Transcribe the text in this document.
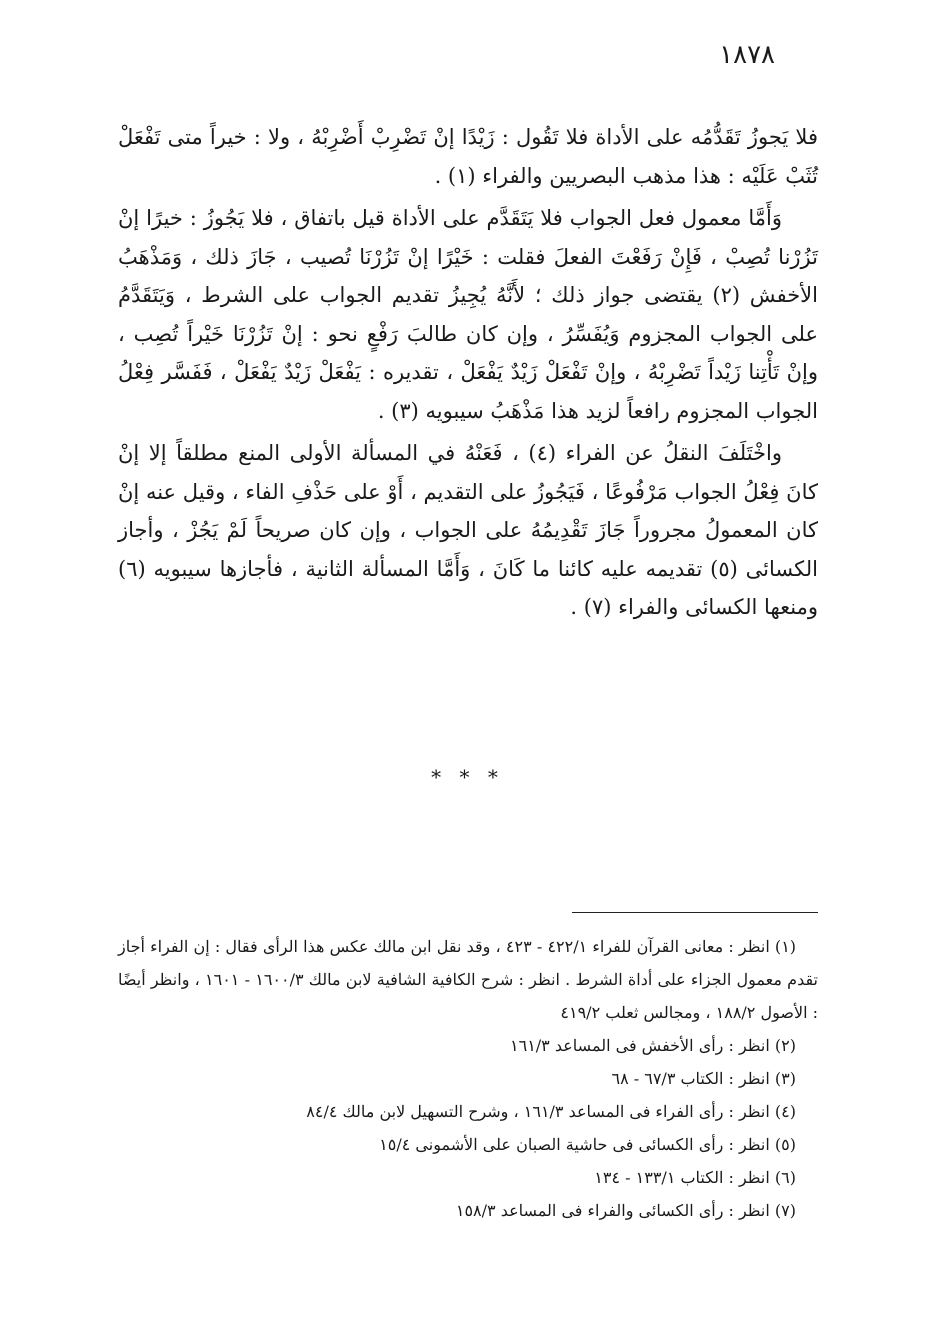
١٨٧٨

فلا يَجوزُ تَقَدُّمُه على الأداة فلا تَقُول : زَيْدًا إنْ تَضْرِبْ أَضْرِبْهُ ، ولا : خيراً متى تَفْعَلْ تُثَبْ عَلَيْه : هذا مذهب البصريين والفراء (١) .

وَأَمَّا معمول فعل الجواب فلا يَتَقَدَّم على الأداة قيل باتفاق ، فلا يَجُوزُ : خيرًا إنْ تَزُرْنا تُصِبْ ، فَإِنْ رَفَعْتَ الفعلَ فقلت : خَيْرًا إنْ تَزُرْنَا تُصيب ، جَازَ ذلك ، وَمَذْهَبُ الأخفش (٢) يقتضى جواز ذلك ؛ لأَنَّهُ يُجِيزُ تقديم الجواب على الشرط ، وَيَتَقَدَّمُ على الجواب المجزوم وَيُفَسِّرُ ، وإن كان طالبَ رَفْعٍ نحو : إنْ تَزُرْنَا خَيْراً تُصِب ، وإنْ تَأْتِنا زَيْداً تَضْرِبْهُ ، وإنْ تَفْعَلْ زَيْدٌ يَفْعَلْ ، تقديره : يَفْعَلْ زَيْدٌ يَفْعَلْ ، فَفَسَّر فِعْلُ الجواب المجزوم رافعاً لزيد هذا مَذْهَبُ سيبويه (٣) .

واخْتَلَفَ النقلُ عن الفراء (٤) ، فَعَنْهُ في المسألة الأولى المنع مطلقاً إلا إنْ كانَ فِعْلُ الجواب مَرْفُوعًا ، فَيَجُوزُ على التقديم ، أَوْ على حَذْفِ الفاء ، وقيل عنه إنْ كان المعمولُ مجروراً جَازَ تَقْدِيمُهُ على الجواب ، وإن كان صريحاً لَمْ يَجُزْ ، وأجاز الكسائى (٥) تقديمه عليه كائنا ما كَانَ ، وَأَمَّا المسألة الثانية ، فأجازها سيبويه (٦) ومنعها الكسائى والفراء (٧) .

* * *

(١) انظر : معانى القرآن للفراء ٤٢٢/١ - ٤٢٣ ، وقد نقل ابن مالك عكس هذا الرأى فقال : إن الفراء أجاز تقدم معمول الجزاء على أداة الشرط . انظر : شرح الكافية الشافية لابن مالك ١٦٠٠/٣ - ١٦٠١ ، وانظر أيضًا : الأصول ١٨٨/٢ ، ومجالس ثعلب ٤١٩/٢

(٢) انظر : رأى الأخفش فى المساعد ١٦١/٣

(٣) انظر : الكتاب ٦٧/٣ - ٦٨

(٤) انظر : رأى الفراء فى المساعد ١٦١/٣ ، وشرح التسهيل لابن مالك ٨٤/٤

(٥) انظر : رأى الكسائى فى حاشية الصبان على الأشمونى ١٥/٤

(٦) انظر : الكتاب ١٣٣/١ - ١٣٤

(٧) انظر : رأى الكسائى والفراء فى المساعد ١٥٨/٣
